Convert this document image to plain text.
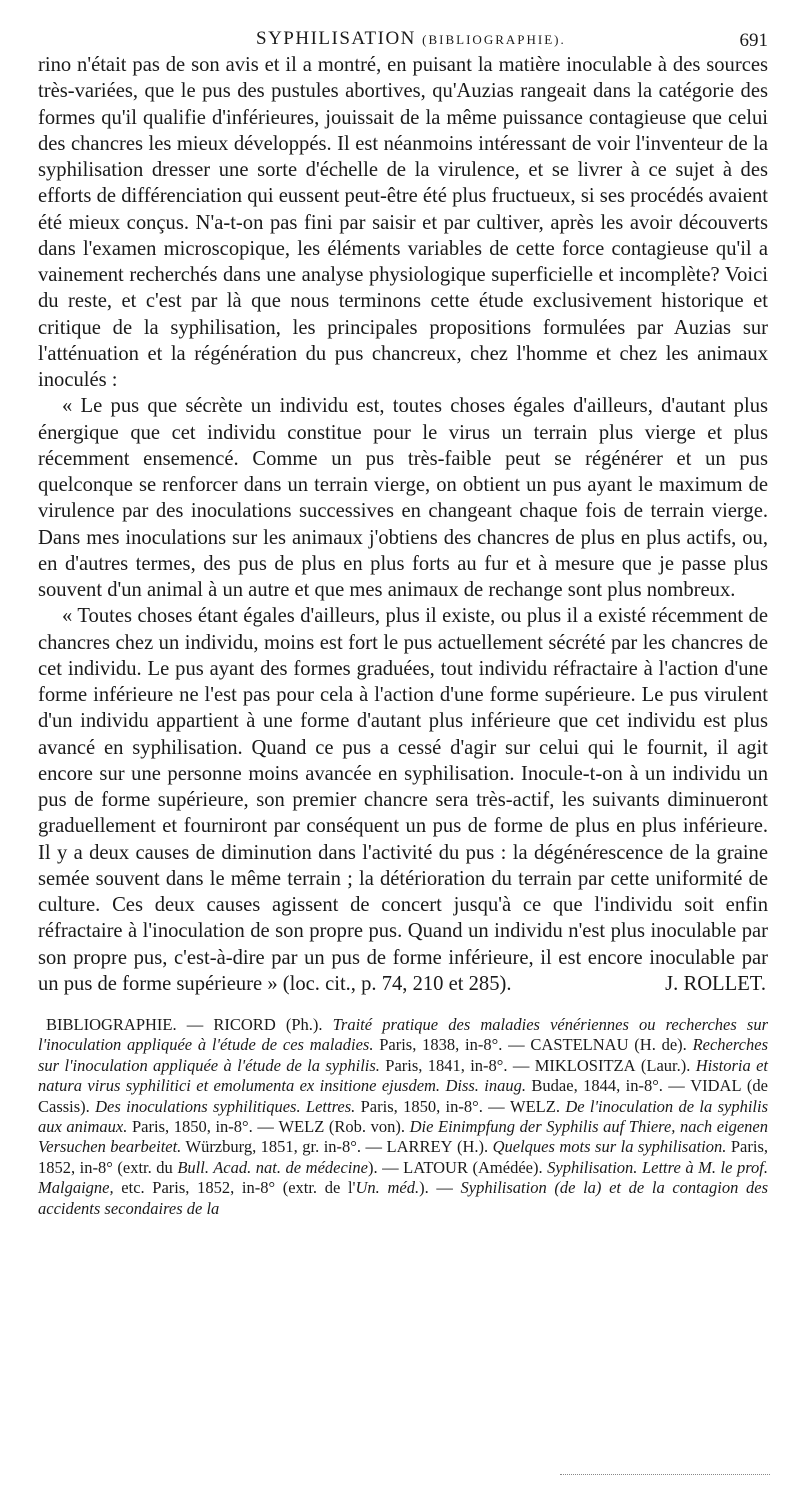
SYPHILISATION (BIBLIOGRAPHIE).	691

rino n'était pas de son avis et il a montré, en puisant la matière inoculable à des sources très-variées, que le pus des pustules abortives, qu'Auzias rangeait dans la catégorie des formes qu'il qualifie d'inférieures, jouissait de la même puissance contagieuse que celui des chancres les mieux développés. Il est néanmoins intéressant de voir l'inventeur de la syphilisation dresser une sorte d'échelle de la virulence, et se livrer à ce sujet à des efforts de différenciation qui eussent peut-être été plus fructueux, si ses procédés avaient été mieux conçus. N'a-t-on pas fini par saisir et par cultiver, après les avoir découverts dans l'examen microscopique, les éléments variables de cette force contagieuse qu'il a vainement recherchés dans une analyse physiologique superficielle et incomplète? Voici du reste, et c'est par là que nous terminons cette étude exclusivement historique et critique de la syphilisation, les principales propositions formulées par Auzias sur l'atténuation et la régénération du pus chancreux, chez l'homme et chez les animaux inoculés :

« Le pus que sécrète un individu est, toutes choses égales d'ailleurs, d'autant plus énergique que cet individu constitue pour le virus un terrain plus vierge et plus récemment ensemencé. Comme un pus très-faible peut se régénérer et un pus quelconque se renforcer dans un terrain vierge, on obtient un pus ayant le maximum de virulence par des inoculations successives en changeant chaque fois de terrain vierge. Dans mes inoculations sur les animaux j'obtiens des chancres de plus en plus actifs, ou, en d'autres termes, des pus de plus en plus forts au fur et à mesure que je passe plus souvent d'un animal à un autre et que mes animaux de rechange sont plus nombreux.

« Toutes choses étant égales d'ailleurs, plus il existe, ou plus il a existé récemment de chancres chez un individu, moins est fort le pus actuellement sécrété par les chancres de cet individu. Le pus ayant des formes graduées, tout individu réfractaire à l'action d'une forme inférieure ne l'est pas pour cela à l'action d'une forme supérieure. Le pus virulent d'un individu appartient à une forme d'autant plus inférieure que cet individu est plus avancé en syphilisation. Quand ce pus a cessé d'agir sur celui qui le fournit, il agit encore sur une personne moins avancée en syphilisation. Inocule-t-on à un individu un pus de forme supérieure, son premier chancre sera très-actif, les suivants diminueront graduellement et fourniront par conséquent un pus de forme de plus en plus inférieure. Il y a deux causes de diminution dans l'activité du pus : la dégénérescence de la graine semée souvent dans le même terrain ; la détérioration du terrain par cette uniformité de culture. Ces deux causes agissent de concert jusqu'à ce que l'individu soit enfin réfractaire à l'inoculation de son propre pus. Quand un individu n'est plus inoculable par son propre pus, c'est-à-dire par un pus de forme inférieure, il est encore inoculable par un pus de forme supérieure » (loc. cit., p. 74, 210 et 285).	J. ROLLET.

BIBLIOGRAPHIE. — RICORD (Ph.). Traité pratique des maladies vénériennes ou recherches sur l'inoculation appliquée à l'étude de ces maladies. Paris, 1838, in-8°. — CASTELNAU (H. de). Recherches sur l'inoculation appliquée à l'étude de la syphilis. Paris, 1841, in-8°. — MIKLOSITZA (Laur.). Historia et natura virus syphilitici et emolumenta ex insitione ejusdem. Diss. inaug. Budae, 1844, in-8°. — VIDAL (de Cassis). Des inoculations syphilitiques. Lettres. Paris, 1850, in-8°. — WELZ. De l'inoculation de la syphilis aux animaux. Paris, 1850, in-8°. — WELZ (Rob. von). Die Einimpfung der Syphilis auf Thiere, nach eigenen Versuchen bearbeitet. Würzburg, 1851, gr. in-8°. — LARREY (H.). Quelques mots sur la syphilisation. Paris, 1852, in-8° (extr. du Bull. Acad. nat. de médecine). — LATOUR (Amédée). Syphilisation. Lettre à M. le prof. Malgaigne, etc. Paris, 1852, in-8° (extr. de l'Un. méd.). — Syphilisation (de la) et de la contagion des accidents secondaires de la
